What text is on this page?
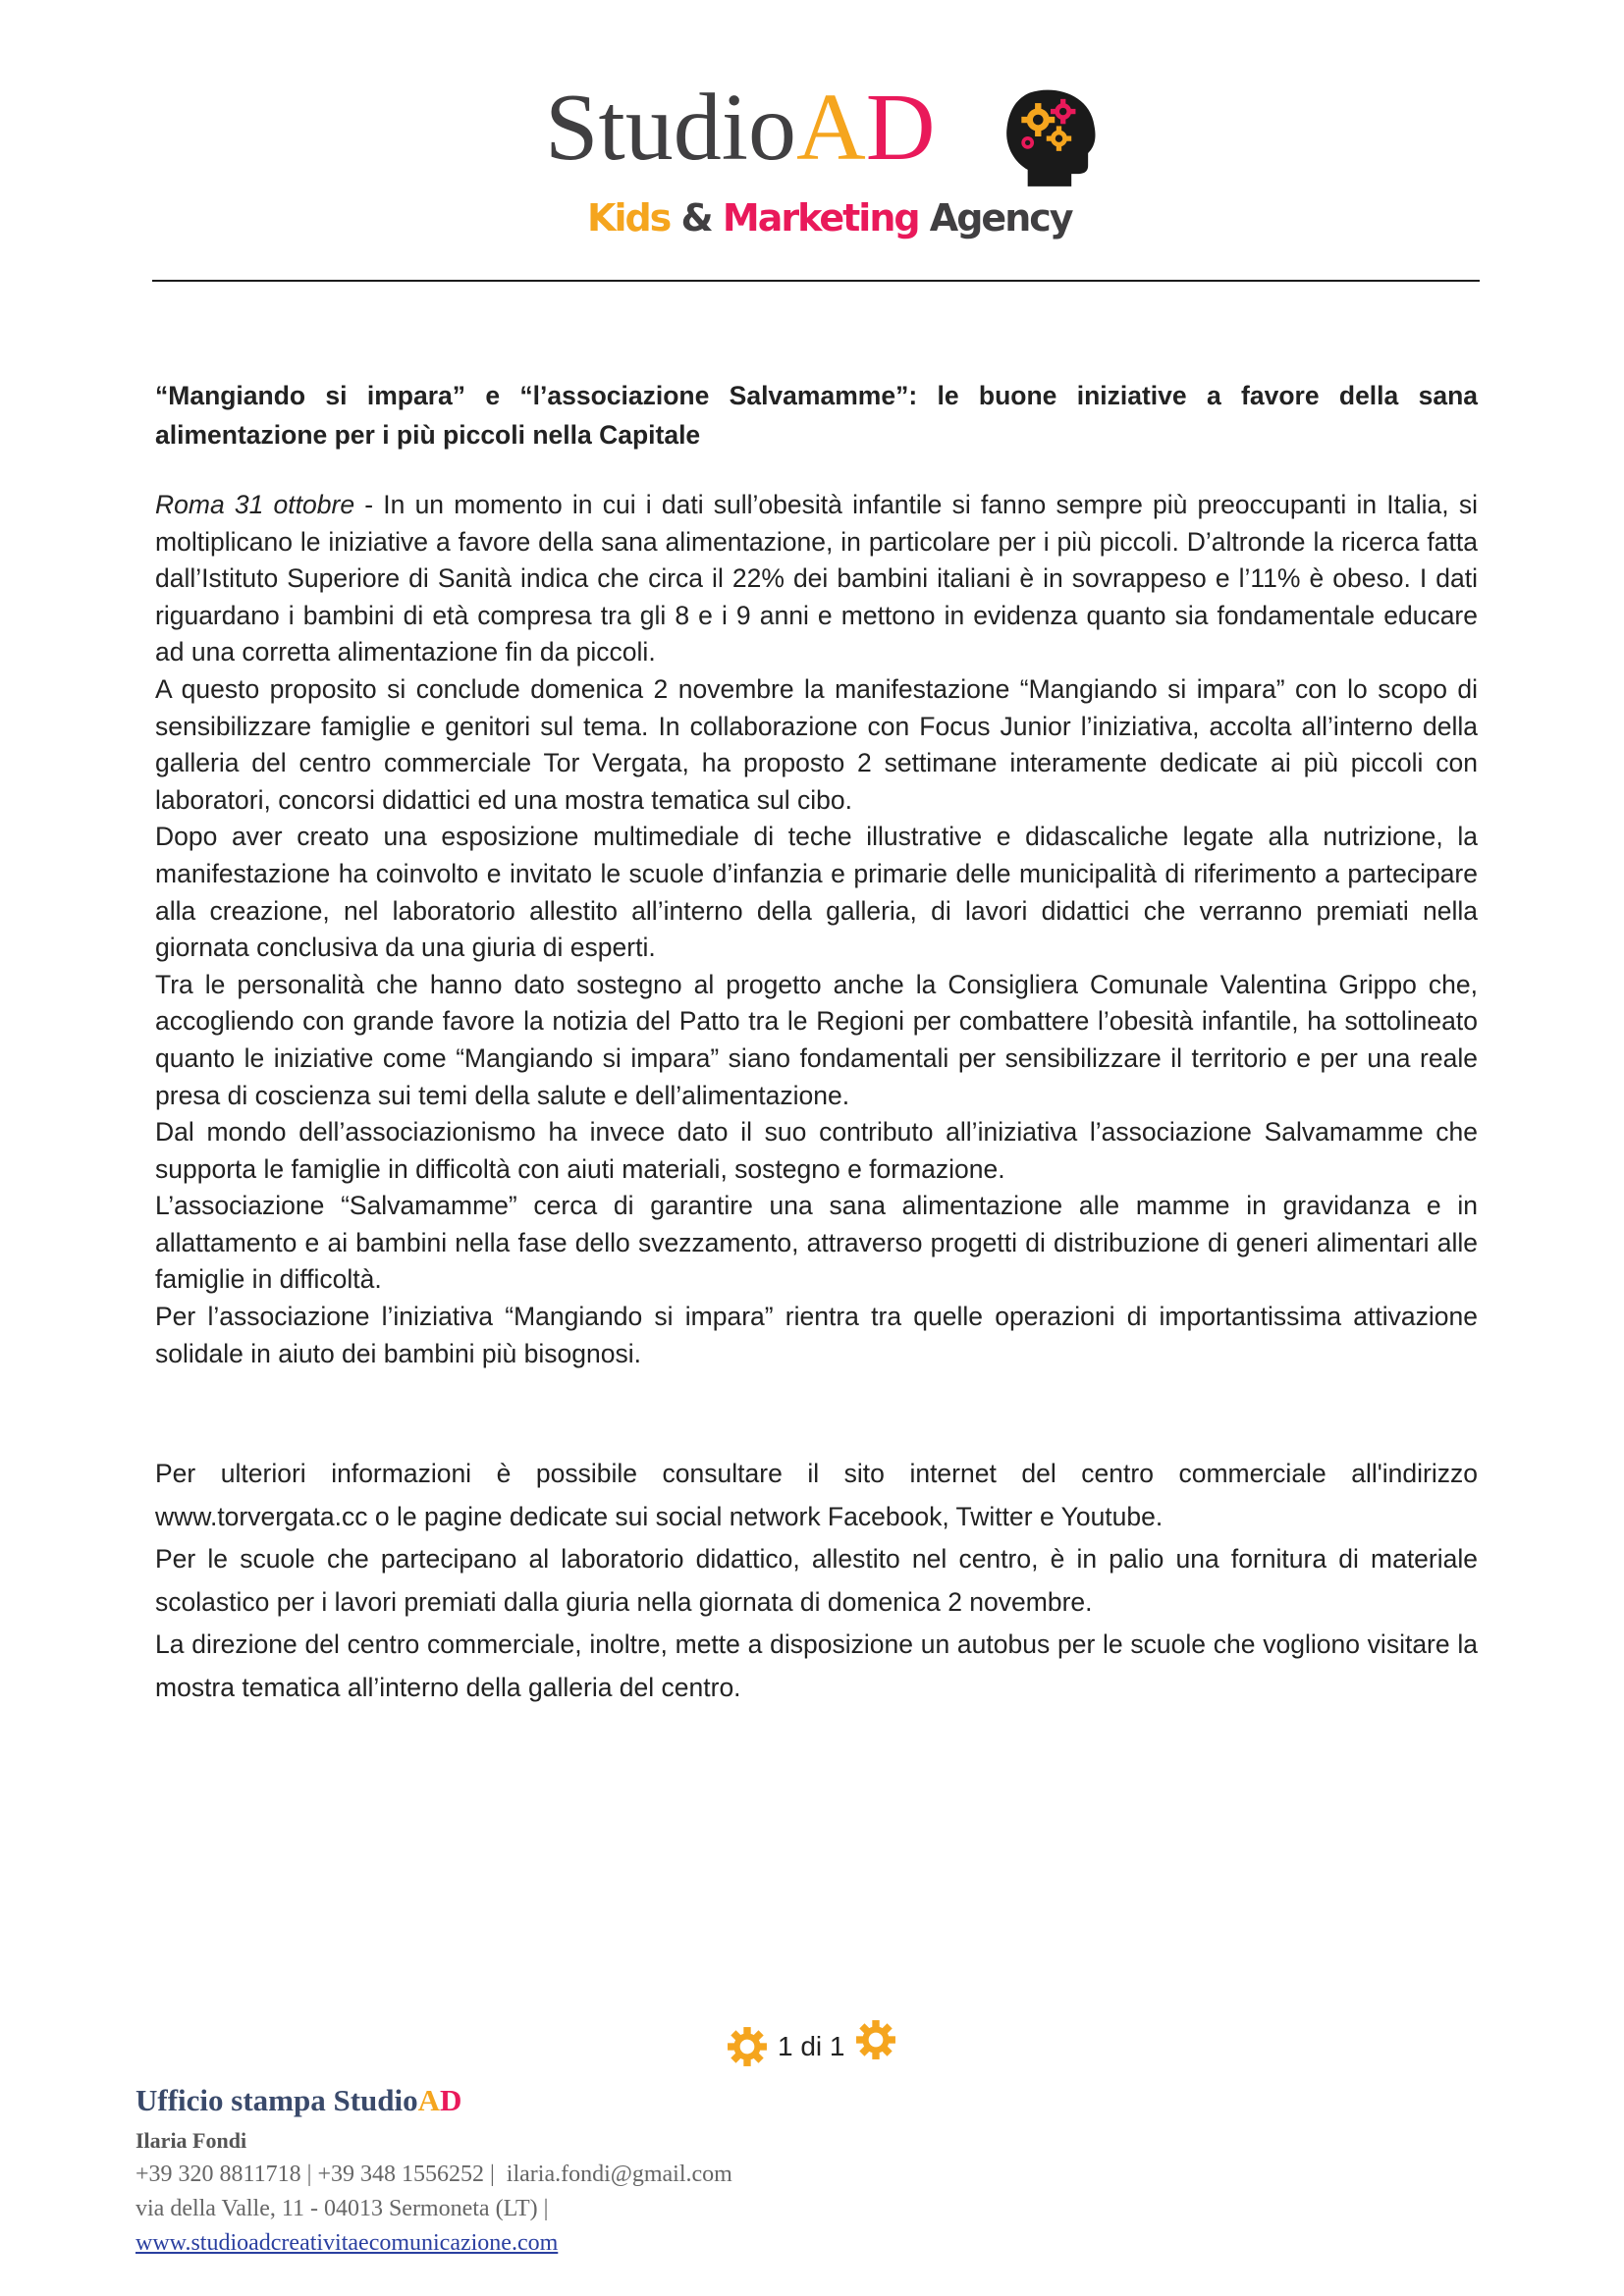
StudioAD
Kids & Marketing Agency
“Mangiando si impara” e “l’associazione Salvamamme”: le buone iniziative a favore della sana alimentazione per i più piccoli nella Capitale

Roma 31 ottobre - In un momento in cui i dati sull’obesità infantile si fanno sempre più preoccupanti in Italia, si moltiplicano le iniziative a favore della sana alimentazione, in particolare per i più piccoli. D’altronde la ricerca fatta dall’Istituto Superiore di Sanità indica che circa il 22% dei bambini italiani è in sovrappeso e l’11% è obeso. I dati riguardano i bambini di età compresa tra gli 8 e i 9 anni e mettono in evidenza quanto sia fondamentale educare ad una corretta alimentazione fin da piccoli.

A questo proposito si conclude domenica 2 novembre la manifestazione “Mangiando si impara” con lo scopo di sensibilizzare famiglie e genitori sul tema. In collaborazione con Focus Junior l’iniziativa, accolta all’interno della galleria del centro commerciale Tor Vergata, ha proposto 2 settimane interamente dedicate ai più piccoli con laboratori, concorsi didattici ed una mostra tematica sul cibo.

Dopo aver creato una esposizione multimediale di teche illustrative e didascaliche legate alla nutrizione, la manifestazione ha coinvolto e invitato le scuole d’infanzia e primarie delle municipalità di riferimento a partecipare alla creazione, nel laboratorio allestito all’interno della galleria, di lavori didattici che verranno premiati nella giornata conclusiva da una giuria di esperti.

Tra le personalità che hanno dato sostegno al progetto anche la Consigliera Comunale Valentina Grippo che, accogliendo con grande favore la notizia del Patto tra le Regioni per combattere l’obesità infantile, ha sottolineato quanto le iniziative come “Mangiando si impara” siano fondamentali per sensibilizzare il territorio e per una reale presa di coscienza sui temi della salute e dell’alimentazione.

Dal mondo dell’associazionismo ha invece dato il suo contributo all’iniziativa l’associazione Salvamamme che supporta le famiglie in difficoltà con aiuti materiali, sostegno e formazione.

L’associazione “Salvamamme” cerca di garantire una sana alimentazione alle mamme in gravidanza e in allattamento e ai bambini nella fase dello svezzamento, attraverso progetti di distribuzione di generi alimentari alle famiglie in difficoltà.

Per l’associazione l’iniziativa “Mangiando si impara” rientra tra quelle operazioni di importantissima attivazione solidale in aiuto dei bambini più bisognosi.

Per ulteriori informazioni è possibile consultare il sito internet del centro commerciale all'indirizzo www.torvergata.cc o le pagine dedicate sui social network Facebook, Twitter e Youtube.

Per le scuole che partecipano al laboratorio didattico, allestito nel centro, è in palio una fornitura di materiale scolastico per i lavori premiati dalla giuria nella giornata di domenica 2 novembre.

La direzione del centro commerciale, inoltre, mette a disposizione un autobus per le scuole che vogliono visitare la mostra tematica all’interno della galleria del centro.

1 di 1
Ufficio stampa StudioAD
Ilaria Fondi
+39 320 8811718 | +39 348 1556252 |  ilaria.fondi@gmail.com
via della Valle, 11 - 04013 Sermoneta (LT) |
www.studioadcreativitaecomunicazione.com
